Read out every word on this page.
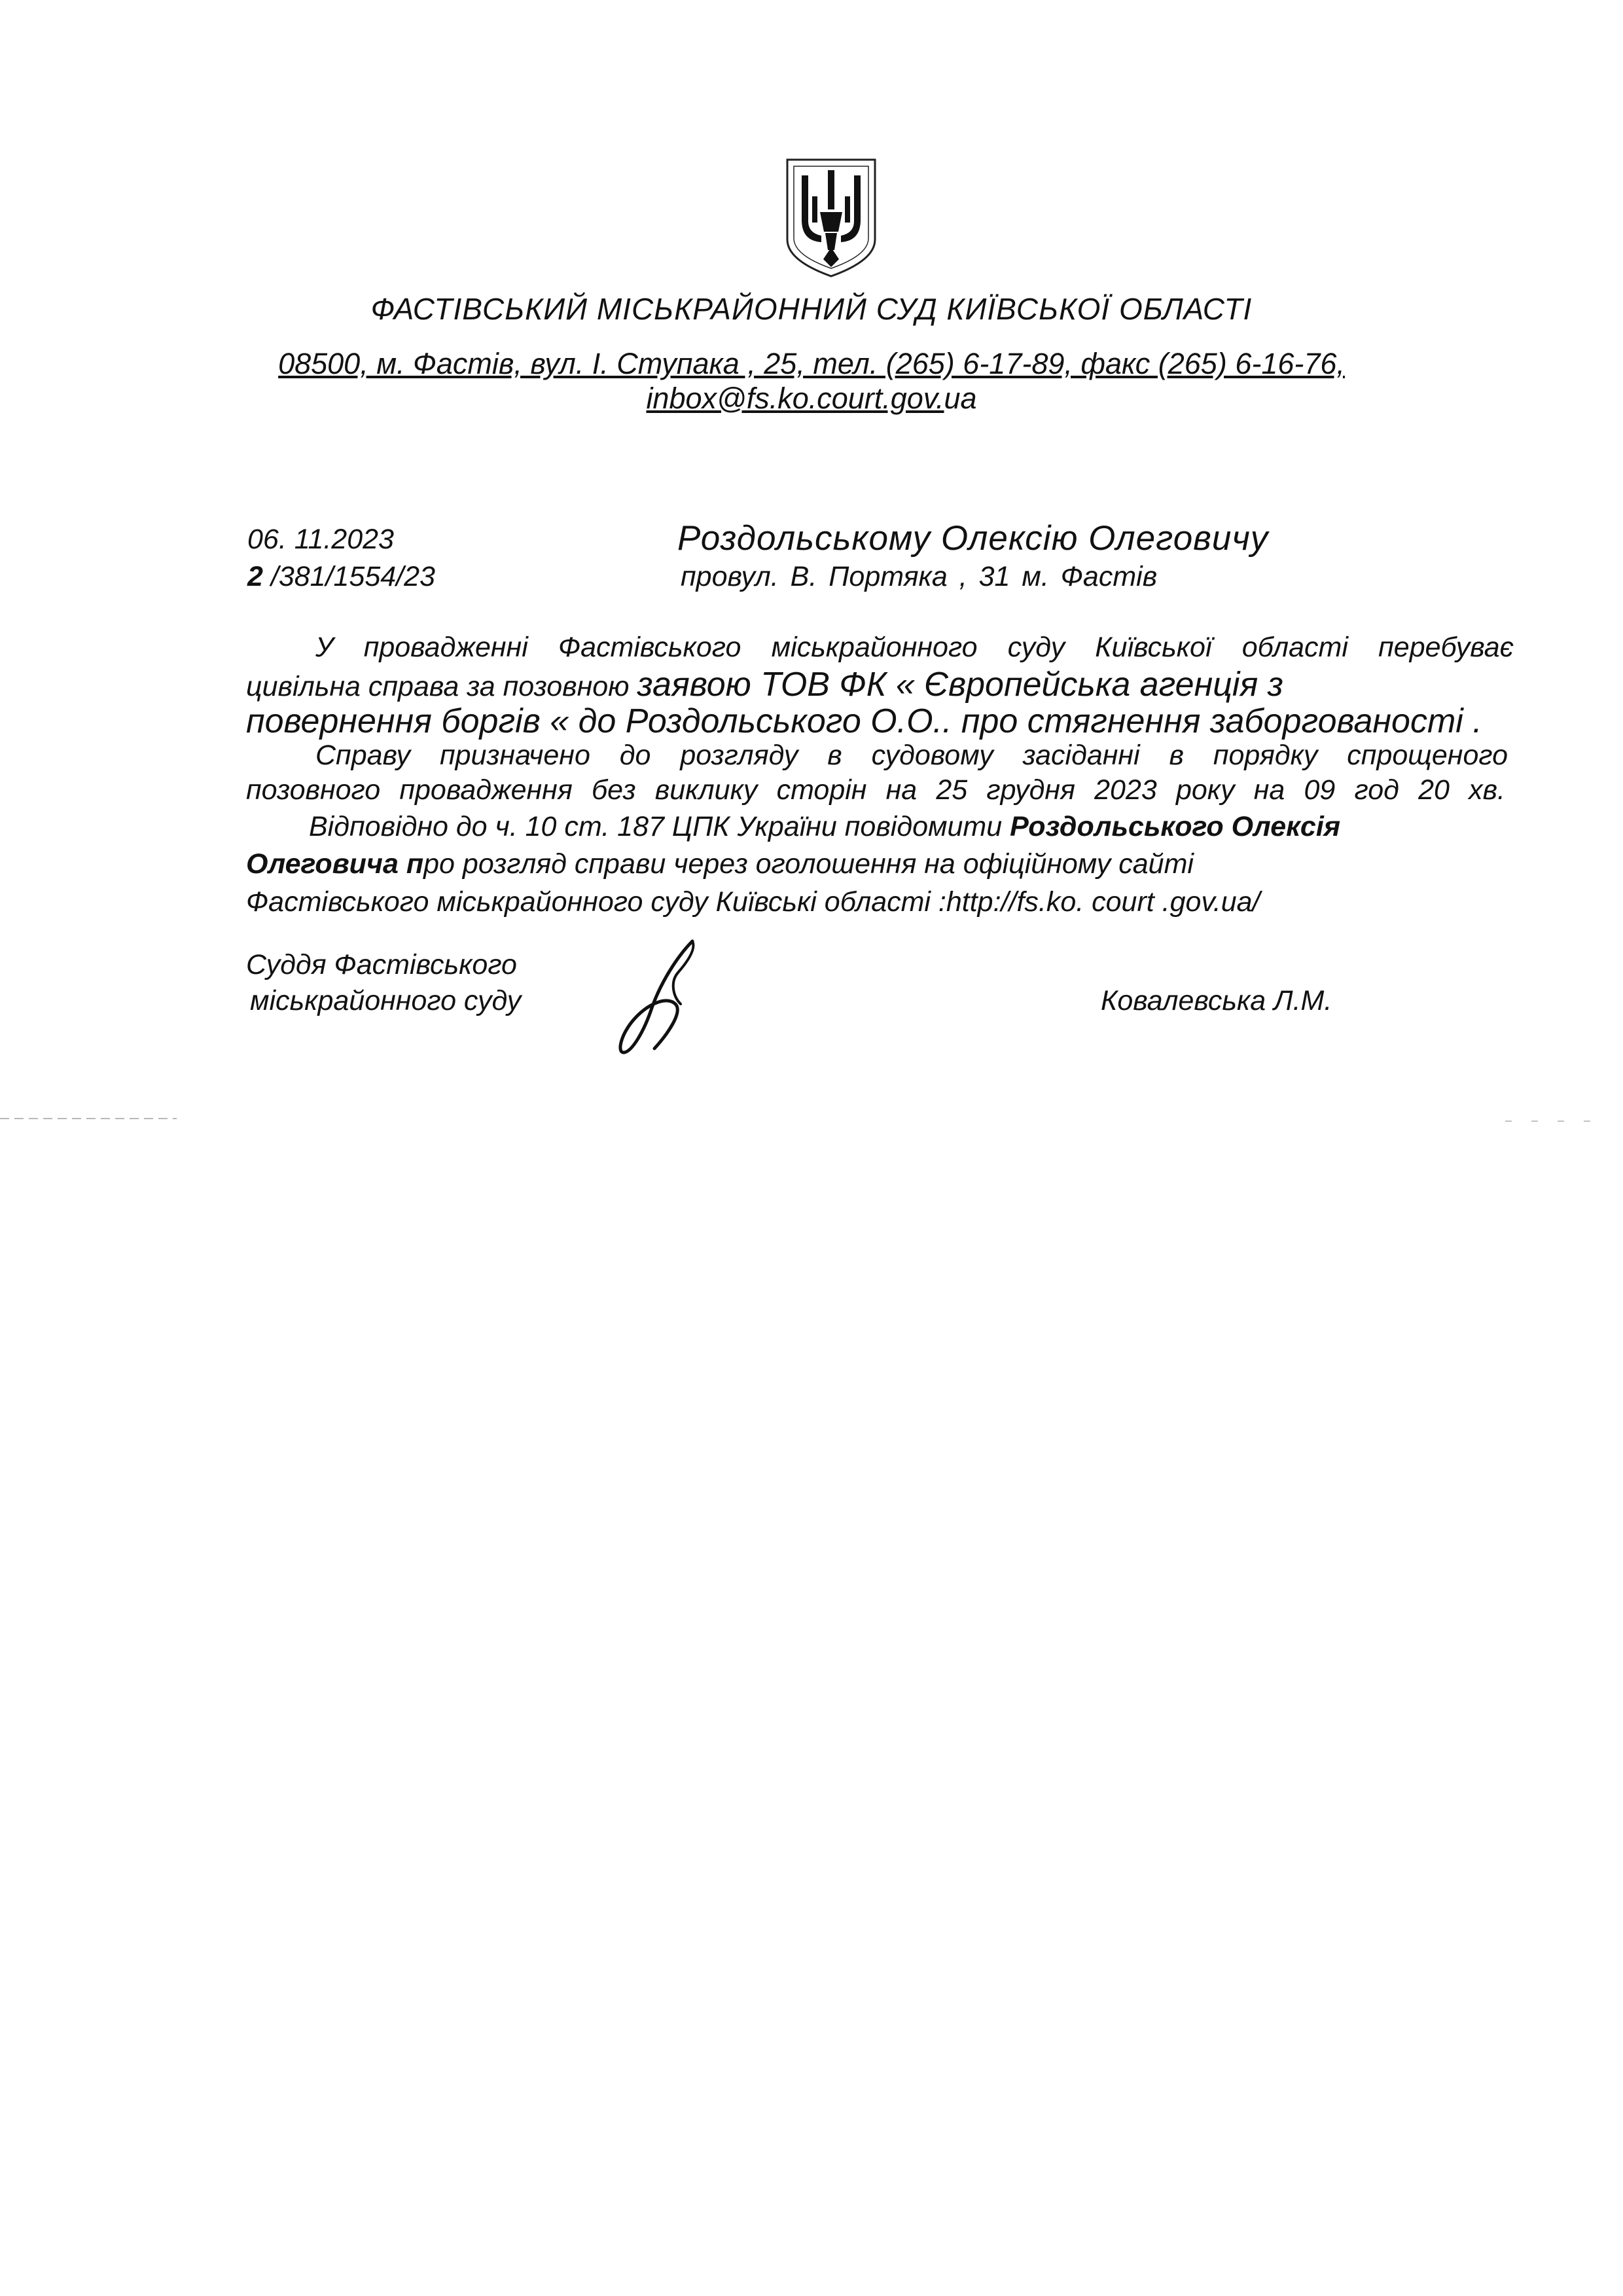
ФАСТІВСЬКИЙ МІСЬКРАЙОННИЙ СУД КИЇВСЬКОЇ ОБЛАСТІ
08500, м. Фастів, вул. І. Ступака , 25, тел. (265) 6-17-89, факс (265) 6-16-76,
inbox@fs.ko.court.gov.ua
06. 11.2023
2 /381/1554/23
Роздольському Олексію Олеговичу
провул. В. Портяка , 31 м. Фастів
У провадженні Фастівського міськрайонного суду Київської області перебуває
цивільна справа за позовною заявою ТОВ ФК « Європейська агенція з
повернення боргів « до Роздольського О.О.. про стягнення заборгованості .
Справу призначено до розгляду в судовому засіданні в порядку спрощеного
позовного провадження без виклику сторін на 25 грудня 2023 року на 09 год 20 хв.
Відповідно до ч. 10 ст. 187 ЦПК України повідомити Роздольського Олексія
Олеговича про розгляд справи через оголошення на офіційному сайті
Фастівського міськрайонного суду Київські області :http://fs.ko. court .gov.ua/
Суддя Фастівського
міськрайонного суду	Ковалевська Л.М.
